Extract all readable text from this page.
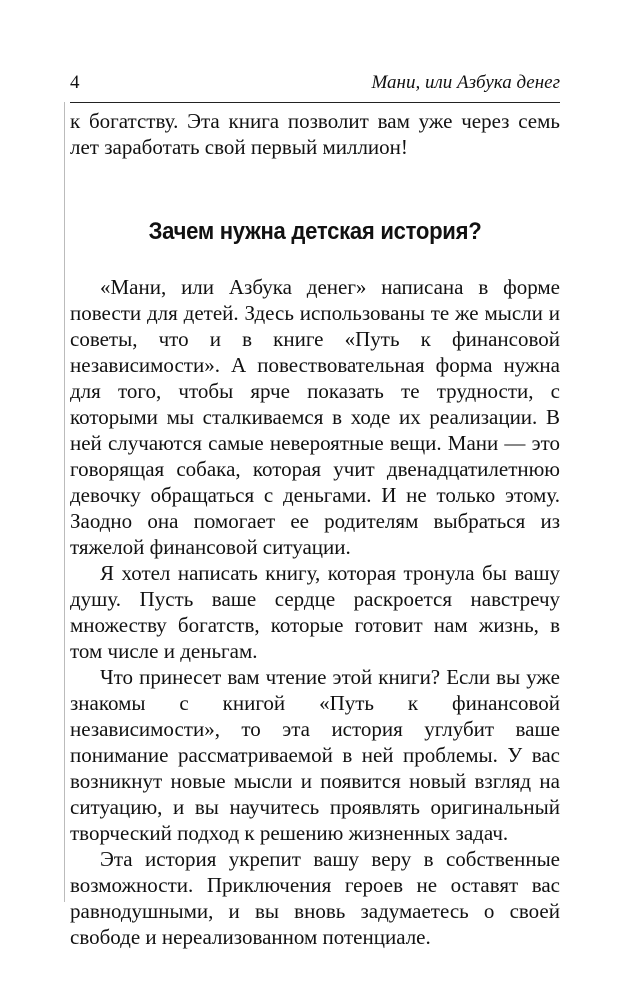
4	Мани, или Азбука денег

к богатству. Эта книга позволит вам уже через семь лет заработать свой первый миллион!

Зачем нужна детская история?

«Мани, или Азбука денег» написана в форме повести для детей. Здесь использованы те же мысли и советы, что и в книге «Путь к финансовой независимости». А повествовательная форма нужна для того, чтобы ярче показать те трудности, с которыми мы сталкиваемся в ходе их реализации. В ней случаются самые невероятные вещи. Мани — это говорящая собака, которая учит двенадцатилетнюю девочку обращаться с деньгами. И не только этому. Заодно она помогает ее родителям выбраться из тяжелой финансовой ситуации.

Я хотел написать книгу, которая тронула бы вашу душу. Пусть ваше сердце раскроется навстречу множеству богатств, которые готовит нам жизнь, в том числе и деньгам.

Что принесет вам чтение этой книги? Если вы уже знакомы с книгой «Путь к финансовой независимости», то эта история углубит ваше понимание рассматриваемой в ней проблемы. У вас возникнут новые мысли и появится новый взгляд на ситуацию, и вы научитесь проявлять оригинальный творческий подход к решению жизненных задач.

Эта история укрепит вашу веру в собственные возможности. Приключения героев не оставят вас равнодушными, и вы вновь задумаетесь о своей свободе и нереализованном потенциале.
